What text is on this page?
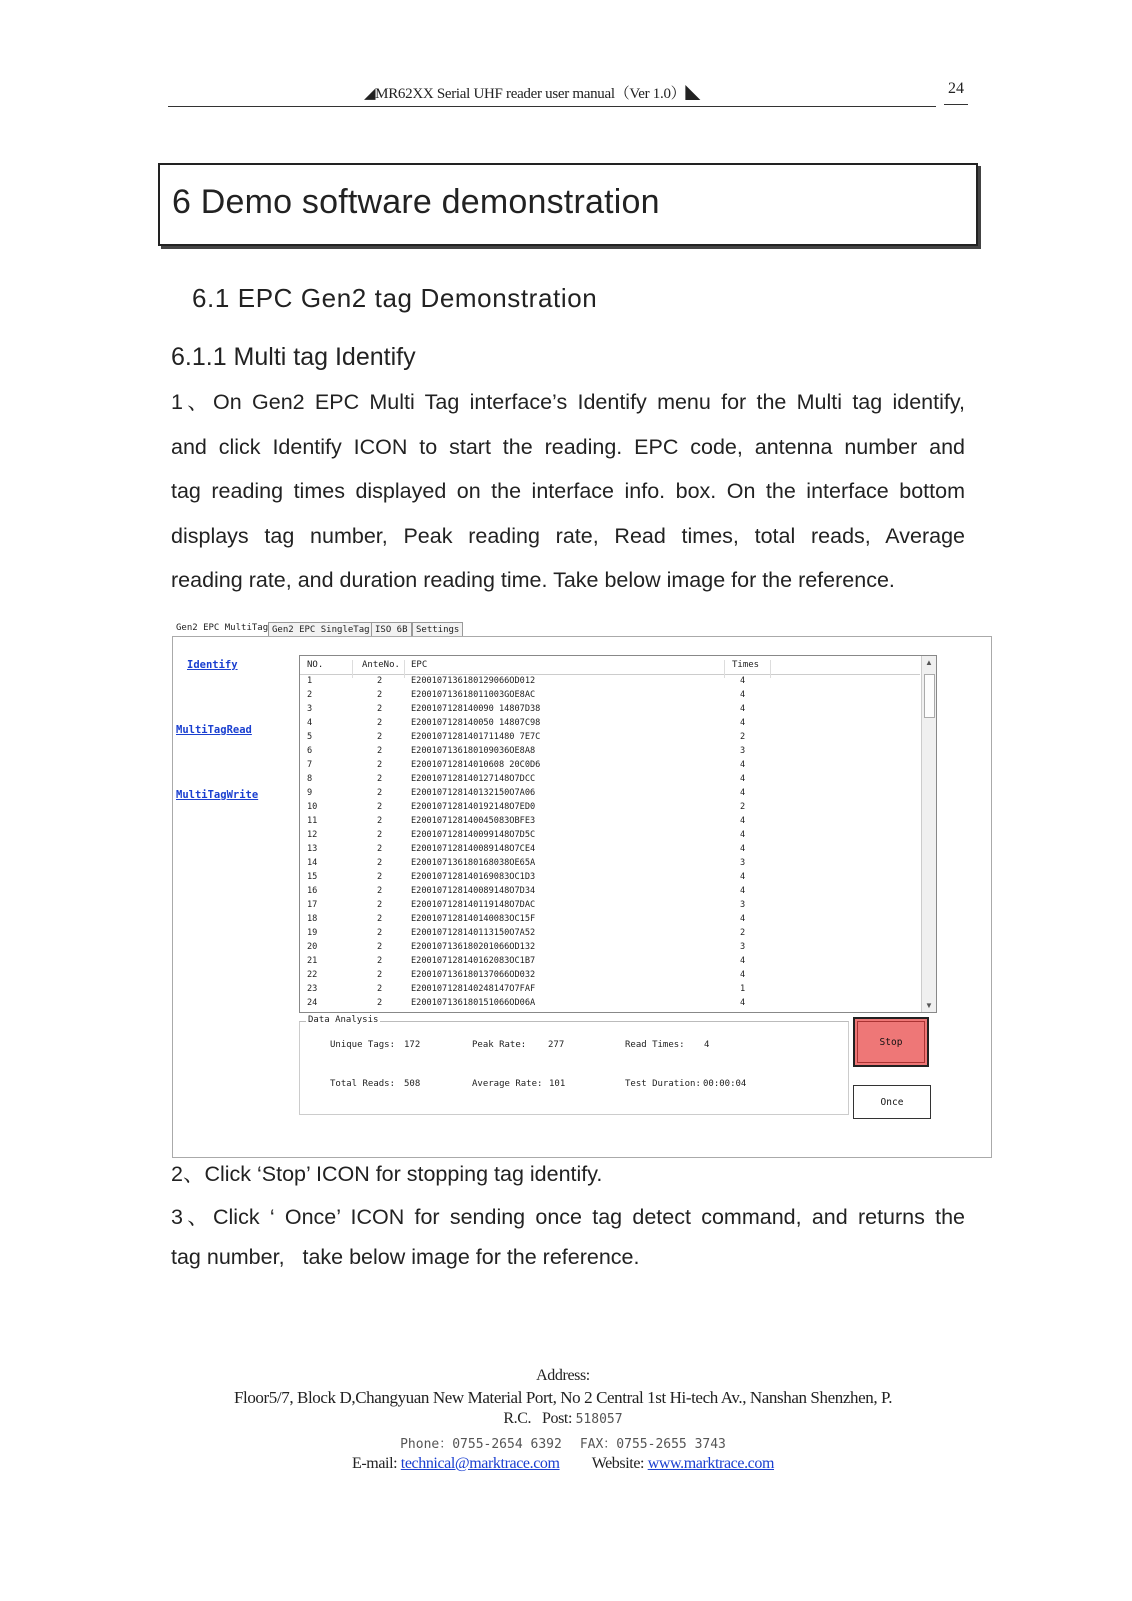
◢MR62XX Serial UHF reader user manual（Ver 1.0）◣	24
6 Demo software demonstration
6.1 EPC Gen2 tag Demonstration
6.1.1 Multi tag Identify
1、On Gen2 EPC Multi Tag interface’s Identify menu for the Multi tag identify,
and click Identify ICON to start the reading. EPC code, antenna number and
tag reading times displayed on the interface info. box. On the interface bottom
displays tag number, Peak reading rate, Read times, total reads, Average
reading rate, and duration reading time. Take below image for the reference.
Gen2 EPC MultiTag Gen2 EPC SingleTag ISO 6B Settings
Identify
MultiTagRead
MultiTagWrite
NO.	AnteNo. EPC	Times
1	2	E200107136180129066OD012	4
2	2	E20010713618011003GOE8AC	4
3	2	E200107128140090 14807D38	4
4	2	E200107128140050 14807C98	4
5	2	E2001071281401711480 7E7C	2
6	2	E200107136180109036OE8A8	3
7	2	E20010712814010608 20C0D6	4
8	2	E200107128140127148O7DCC	4
9	2	E200107128140132150O7A06	4
10	2	E200107128140192148O7ED0	2
11	2	E200107128140045083OBFE3	4
12	2	E200107128140099148O7D5C	4
13	2	E200107128140089148O7CE4	4
14	2	E200107136180168038OE65A	3
15	2	E200107128140169083OC1D3	4
16	2	E200107128140089148O7D34	4
17	2	E200107128140119148O7DAC	3
18	2	E200107128140140083OC15F	4
19	2	E200107128140113150O7A52	2
20	2	E200107136180201066OD132	3
21	2	E200107128140162083OC1B7	4
22	2	E200107136180137066OD032	4
23	2	E200107128140248147O7FAF	1
24	2	E200107136180151066OD06A	4
▲
▼
Data Analysis
Unique Tags: 172	Peak Rate: 277	Read Times: 4
Total Reads: 508	Average Rate: 101	Test Duration: 00:00:04
Stop
Once
2、Click ‘Stop’ ICON for stopping tag identify.
3、Click ‘ Once’ ICON for sending once tag detect command, and returns the
tag number,   take below image for the reference.
Address:
Floor5/7, Block D,Changyuan New Material Port, No 2 Central 1st Hi-tech Av., Nanshan Shenzhen, P.
R.C. Post: 518057
Phone：0755-2654 6392 FAX：0755-2655 3743
E-mail: technical@marktrace.com Website: www.marktrace.com
